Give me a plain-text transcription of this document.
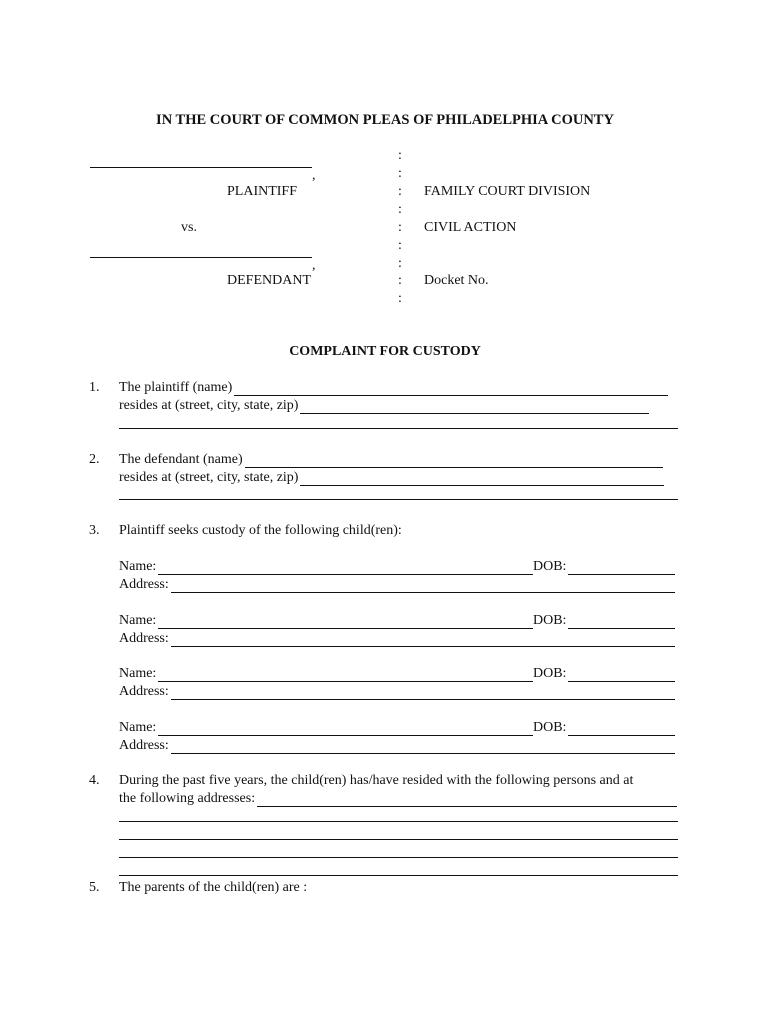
IN THE COURT OF COMMON PLEAS OF PHILADELPHIA COUNTY
,
PLAINTIFF
vs.
,
DEFENDANT
:
:
:
:
:
:
:
:
:
FAMILY COURT DIVISION
CIVIL ACTION
Docket No.
COMPLAINT FOR CUSTODY
1. The plaintiff (name)
resides at (street, city, state, zip)
2. The defendant (name)
resides at (street, city, state, zip)
3. Plaintiff seeks custody of the following child(ren):
Name:	DOB:
Address:
Name:	DOB:
Address:
Name:	DOB:
Address:
Name:	DOB:
Address:
4. During the past five years, the child(ren) has/have resided with the following persons and at
the following addresses:
5. The parents of the child(ren) are :
